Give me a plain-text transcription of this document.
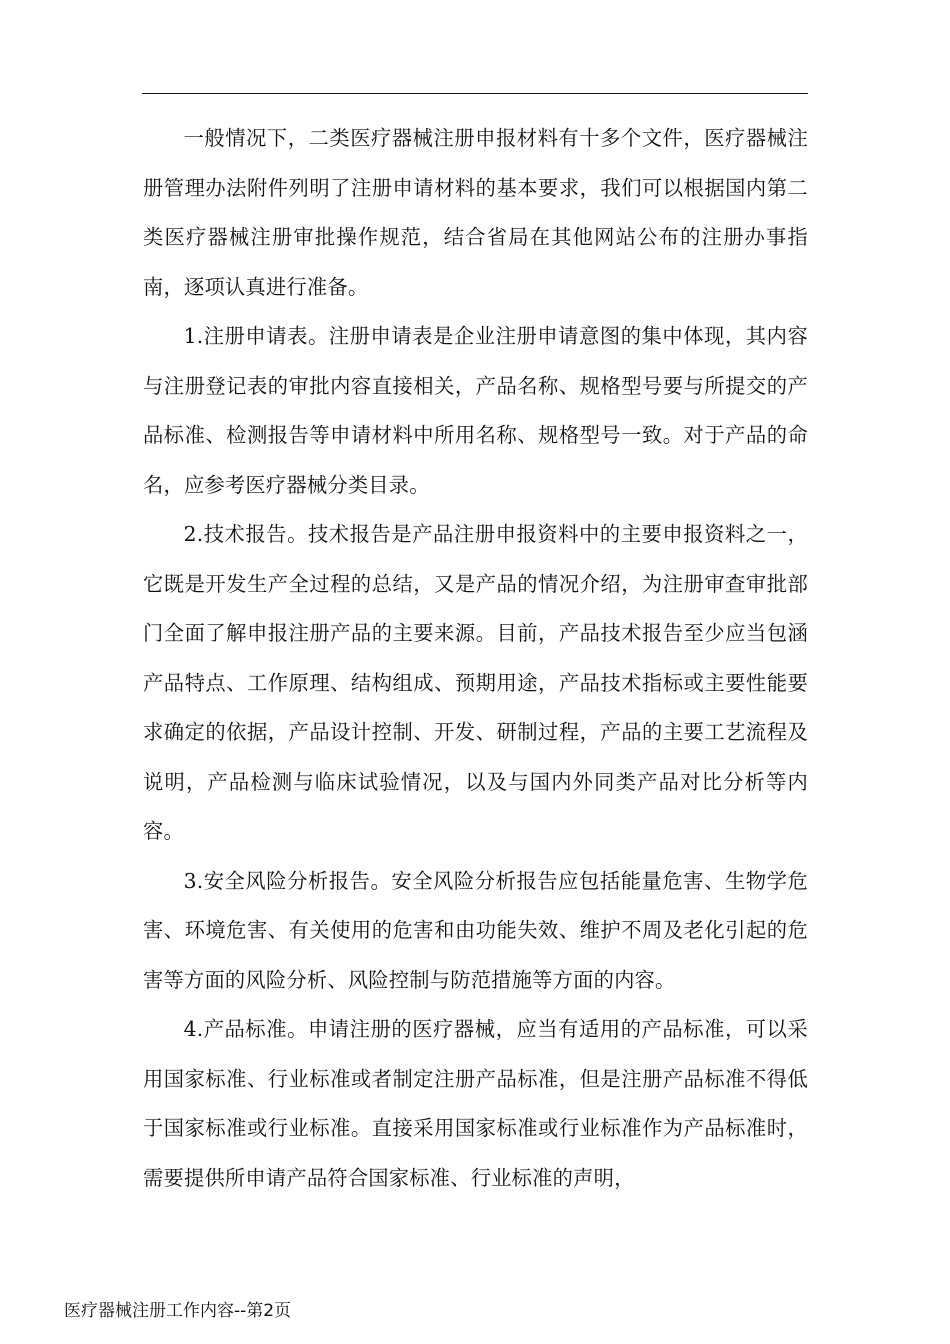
一般情况下，二类医疗器械注册申报材料有十多个文件，医疗器械注册管理办法附件列明了注册申请材料的基本要求，我们可以根据国内第二类医疗器械注册审批操作规范，结合省局在其他网站公布的注册办事指南，逐项认真进行准备。

1.注册申请表。注册申请表是企业注册申请意图的集中体现，其内容与注册登记表的审批内容直接相关，产品名称、规格型号要与所提交的产品标准、检测报告等申请材料中所用名称、规格型号一致。对于产品的命名，应参考医疗器械分类目录。

2.技术报告。技术报告是产品注册申报资料中的主要申报资料之一，它既是开发生产全过程的总结，又是产品的情况介绍，为注册审查审批部门全面了解申报注册产品的主要来源。目前，产品技术报告至少应当包涵产品特点、工作原理、结构组成、预期用途，产品技术指标或主要性能要求确定的依据，产品设计控制、开发、研制过程，产品的主要工艺流程及说明，产品检测与临床试验情况，以及与国内外同类产品对比分析等内容。

3.安全风险分析报告。安全风险分析报告应包括能量危害、生物学危害、环境危害、有关使用的危害和由功能失效、维护不周及老化引起的危害等方面的风险分析、风险控制与防范措施等方面的内容。

4.产品标准。申请注册的医疗器械，应当有适用的产品标准，可以采用国家标准、行业标准或者制定注册产品标准，但是注册产品标准不得低于国家标准或行业标准。直接采用国家标准或行业标准作为产品标准时，需要提供所申请产品符合国家标准、行业标准的声明，

医疗器械注册工作内容--第2页
